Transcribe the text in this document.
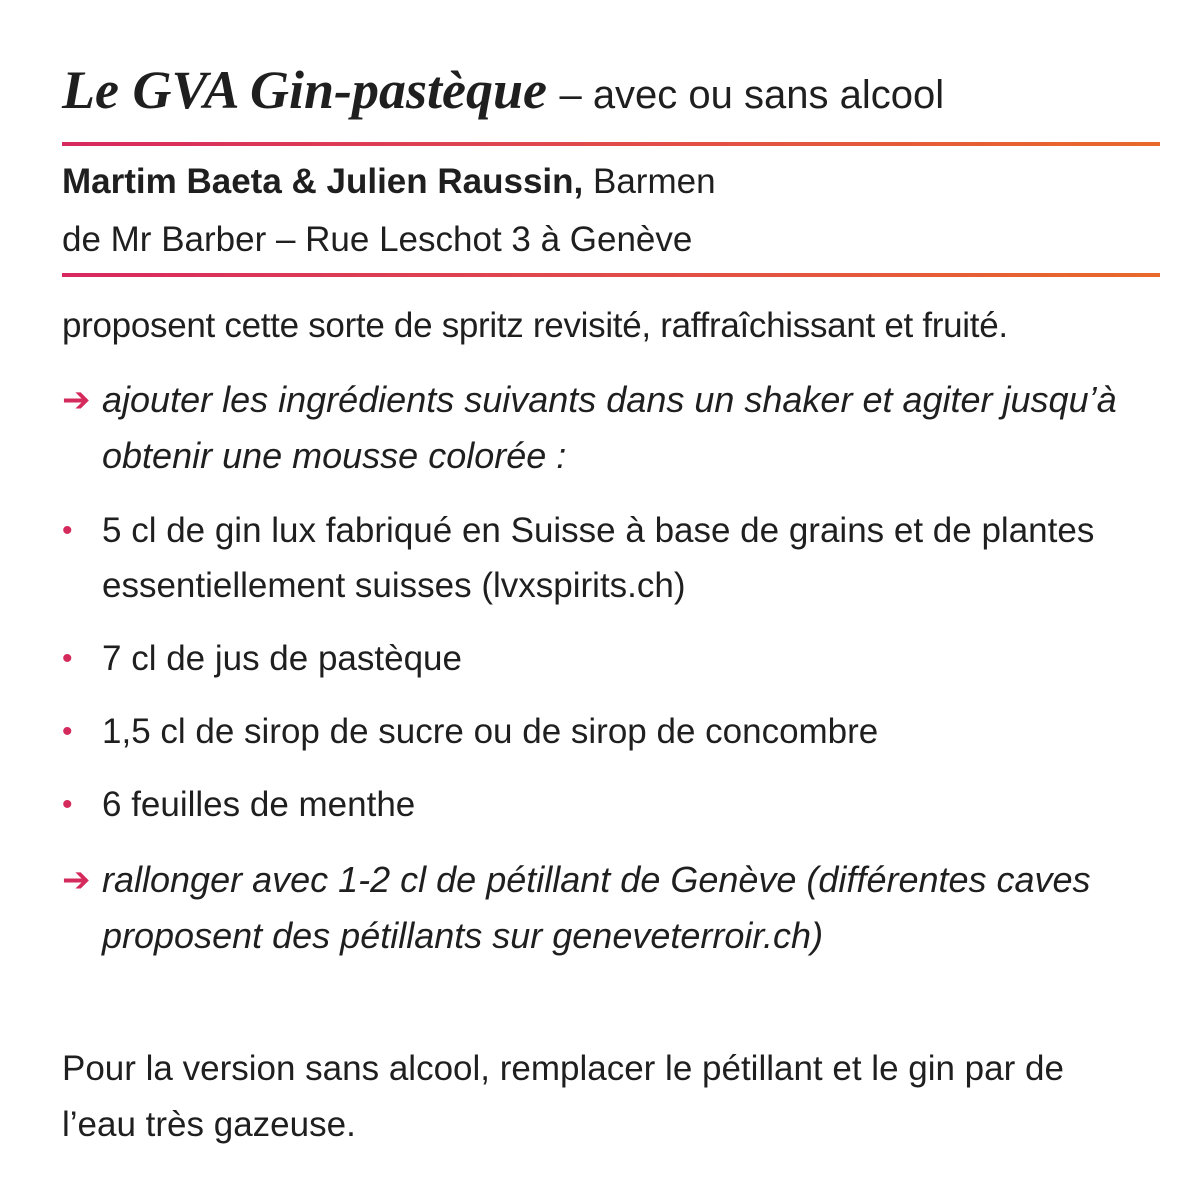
Le GVA Gin-pastèque – avec ou sans alcool
Martim Baeta & Julien Raussin, Barmen
de Mr Barber – Rue Leschot 3 à Genève
proposent cette sorte de spritz revisité, raffraîchissant et fruité.
➔ ajouter les ingrédients suivants dans un shaker et agiter jusqu’à obtenir une mousse colorée :
• 5 cl de gin lux fabriqué en Suisse à base de grains et de plantes essentiellement suisses (lvxspirits.ch)
• 7 cl de jus de pastèque
• 1,5 cl de sirop de sucre ou de sirop de concombre
• 6 feuilles de menthe
➔ rallonger avec 1-2 cl de pétillant de Genève (différentes caves proposent des pétillants sur geneveterroir.ch)
Pour la version sans alcool, remplacer le pétillant et le gin par de l’eau très gazeuse.
